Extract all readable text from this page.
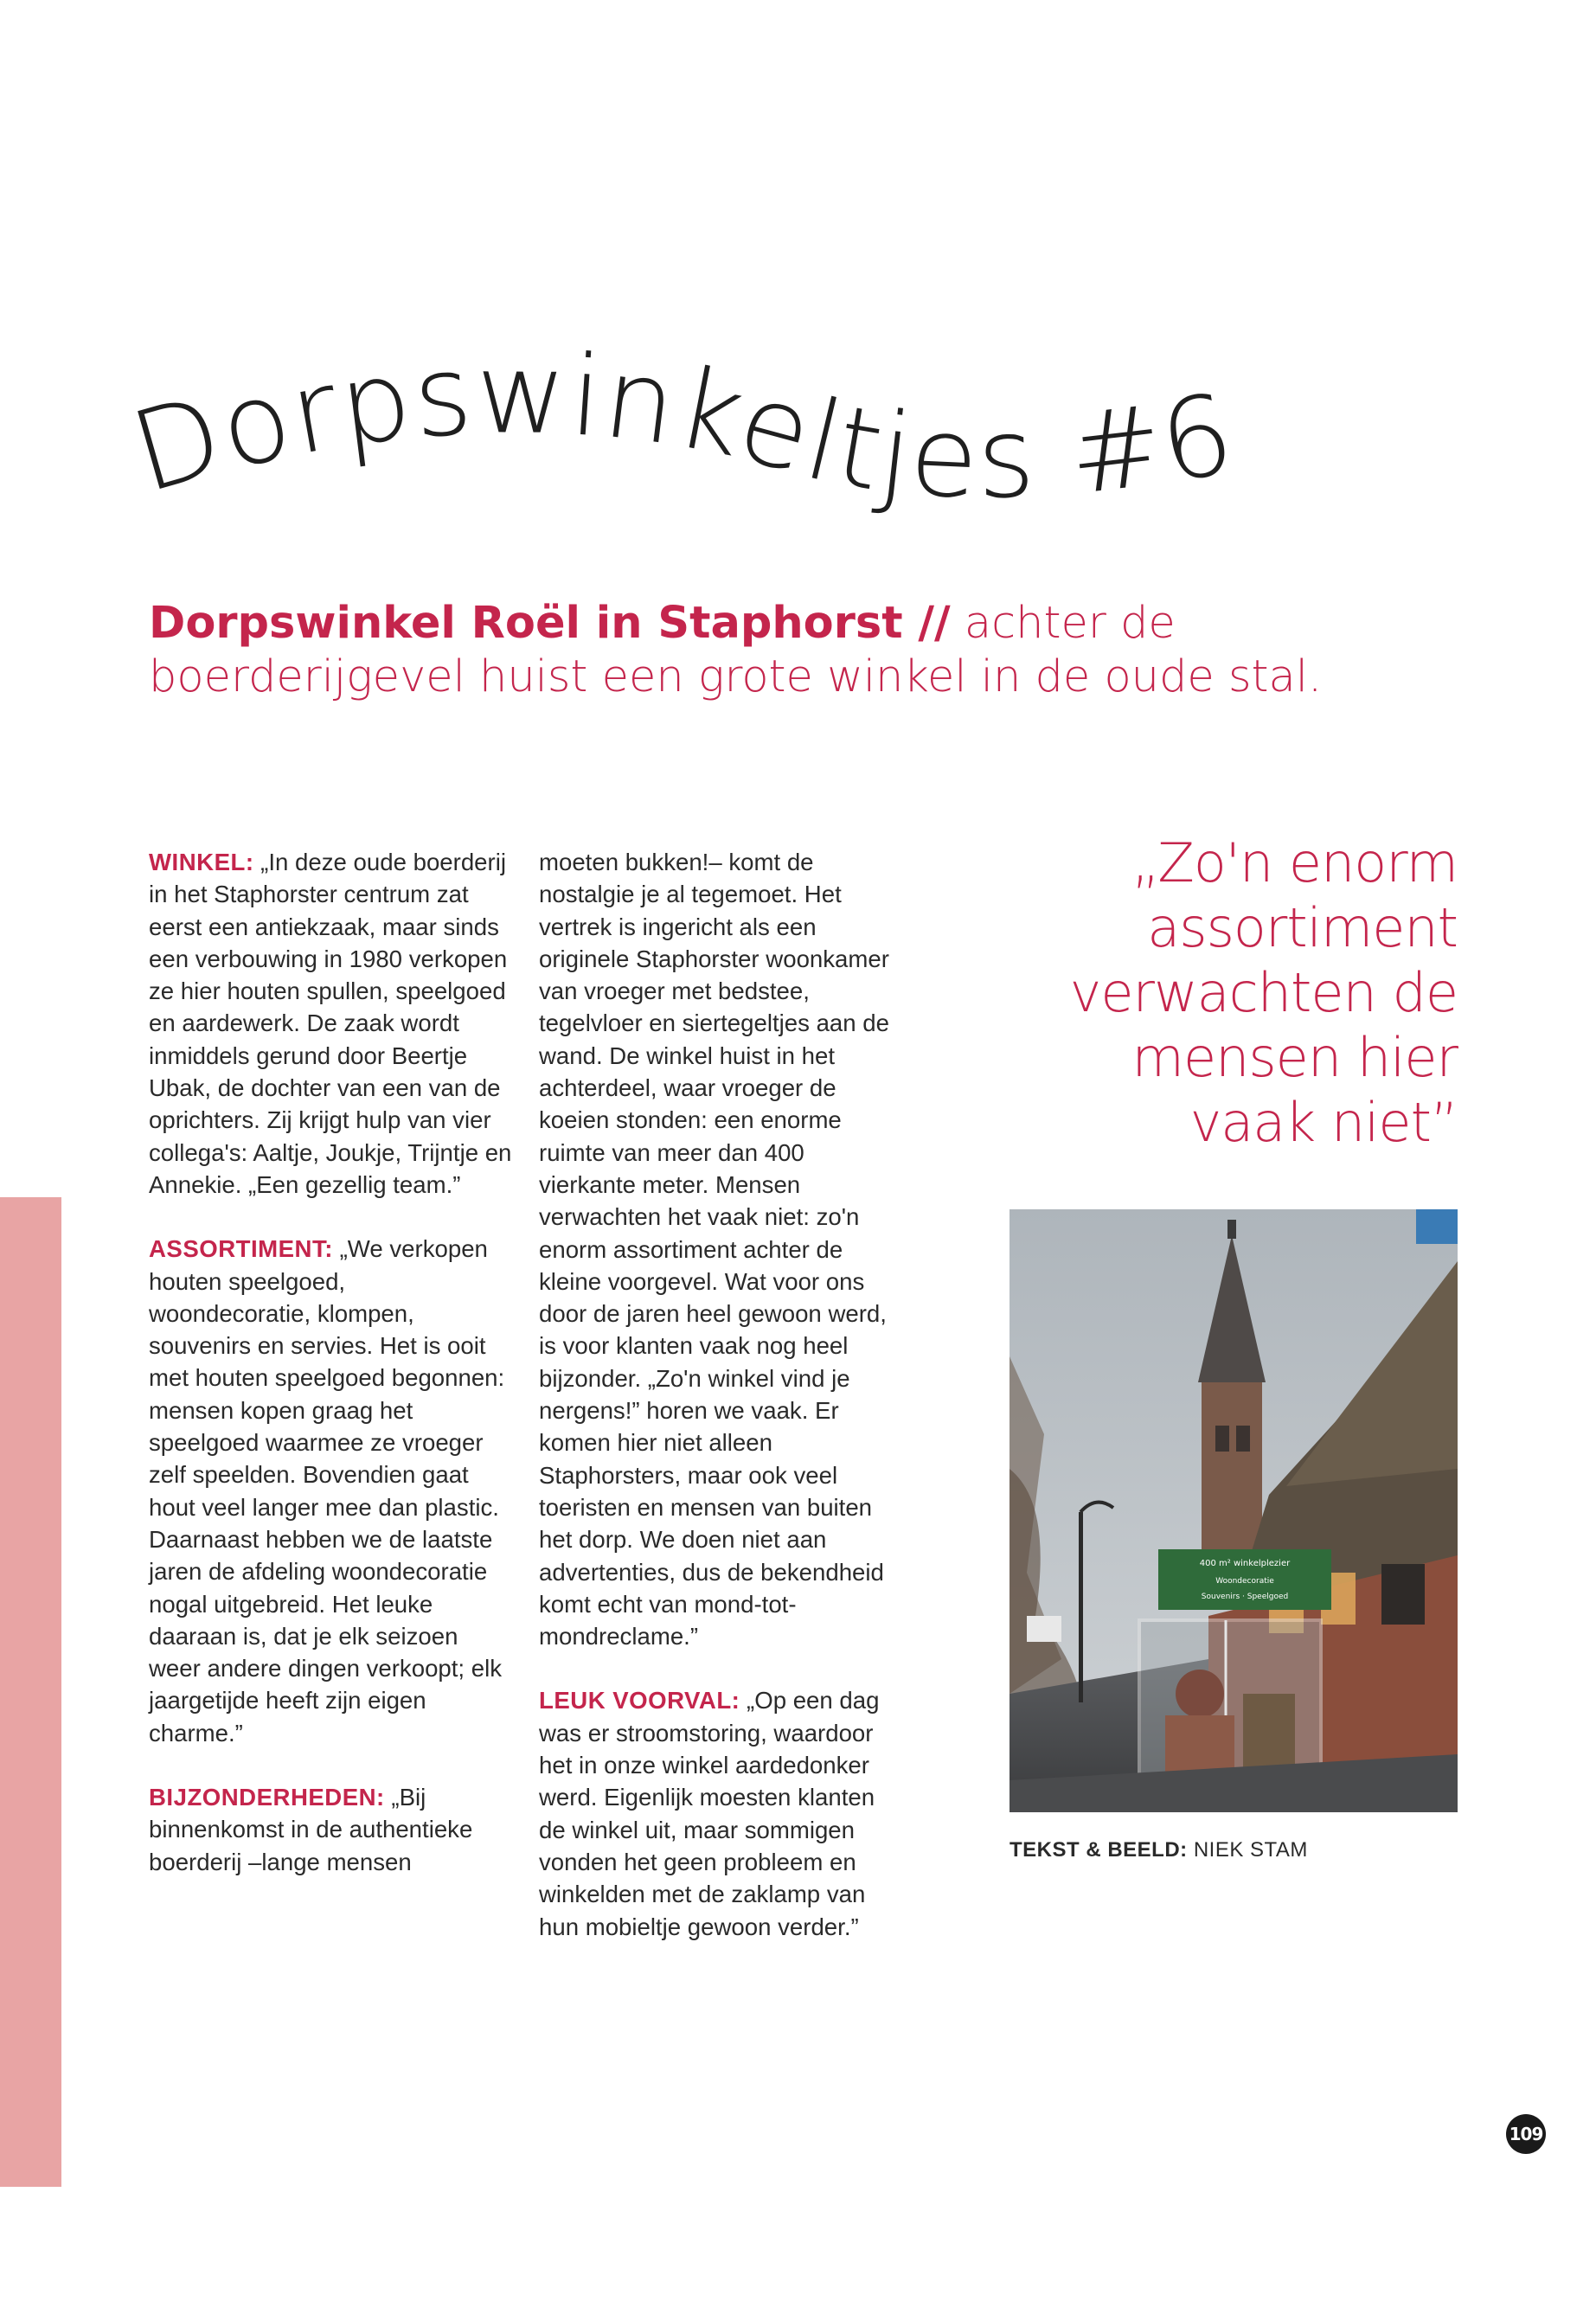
Dorpswinkeltjes #6
Dorpswinkel Roël in Staphorst // achter de boerderijgevel huist een grote winkel in de oude stal.

WINKEL: „In deze oude boerderij in het Staphorster centrum zat eerst een antiekzaak, maar sinds een verbouwing in 1980 verkopen ze hier houten spullen, speelgoed en aardewerk. De zaak wordt inmiddels gerund door Beertje Ubak, de dochter van een van de oprichters. Zij krijgt hulp van vier collega's: Aaltje, Joukje, Trijntje en Annekie. „Een gezellig team.”

ASSORTIMENT: „We verkopen houten speelgoed, woondecoratie, klompen, souvenirs en servies. Het is ooit met houten speelgoed begonnen: mensen kopen graag het speelgoed waarmee ze vroeger zelf speelden. Bovendien gaat hout veel langer mee dan plastic. Daarnaast hebben we de laatste jaren de afdeling woondecoratie nogal uitgebreid. Het leuke daaraan is, dat je elk seizoen weer andere dingen verkoopt; elk jaargetijde heeft zijn eigen charme.”

BIJZONDERHEDEN: „Bij binnenkomst in de authentieke boerderij –lange mensen

moeten bukken!– komt de nostalgie je al tegemoet. Het vertrek is ingericht als een originele Staphorster woonkamer van vroeger met bedstee, tegelvloer en siertegeltjes aan de wand. De winkel huist in het achterdeel, waar vroeger de koeien stonden: een enorme ruimte van meer dan 400 vierkante meter. Mensen verwachten het vaak niet: zo'n enorm assortiment achter de kleine voorgevel. Wat voor ons door de jaren heel gewoon werd, is voor klanten vaak nog heel bijzonder. „Zo'n winkel vind je nergens!” horen we vaak. Er komen hier niet alleen Staphorsters, maar ook veel toeristen en mensen van buiten het dorp. We doen niet aan advertenties, dus de bekendheid komt echt van mond-tot-mondreclame.”

LEUK VOORVAL: „Op een dag was er stroomstoring, waardoor het in onze winkel aardedonker werd. Eigenlijk moesten klanten de winkel uit, maar sommigen vonden het geen probleem en winkelden met de zaklamp van hun mobieltje gewoon verder.”

„Zo'n enorm assortiment verwachten de mensen hier vaak niet”
400 m² winkelplezier
Woondecoratie
Souvenirs · Speelgoed
TEKST & BEELD: NIEK STAM
109
